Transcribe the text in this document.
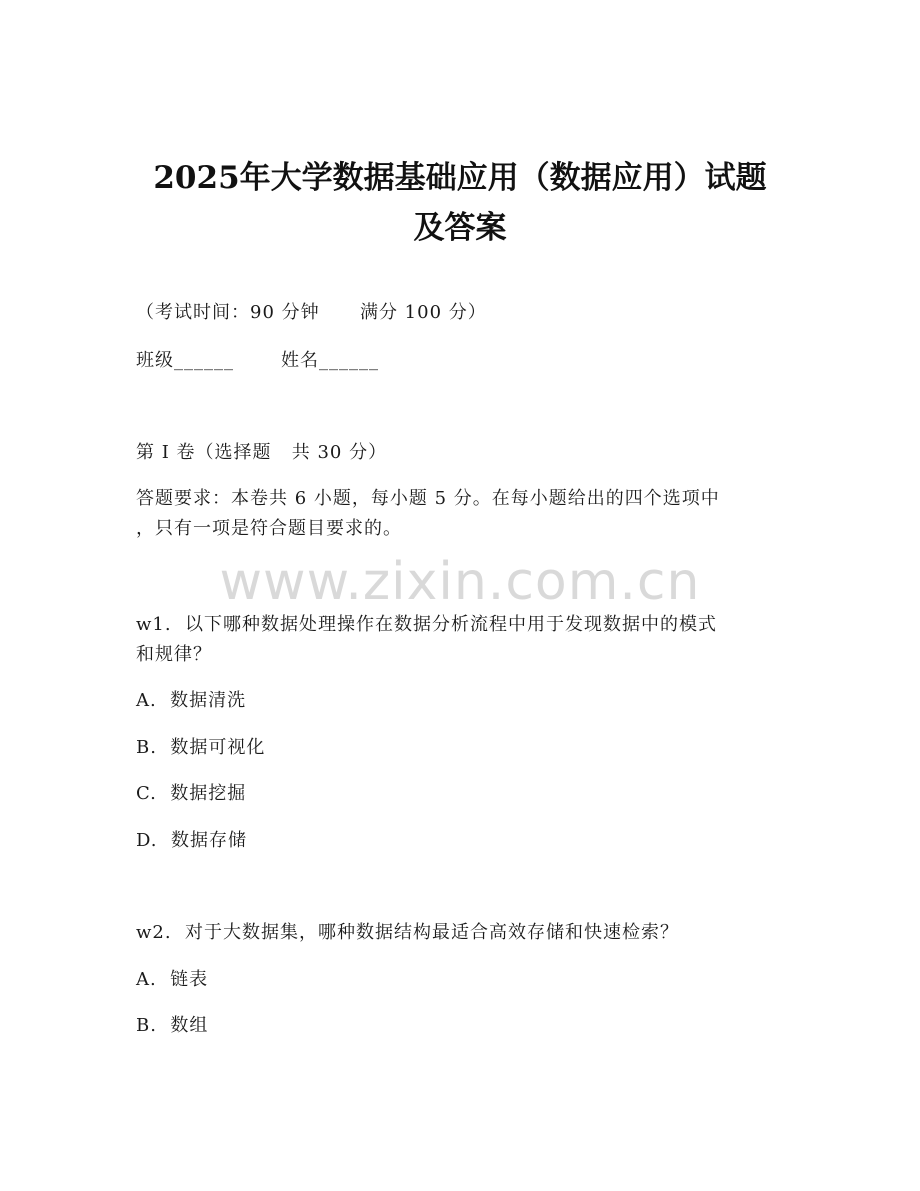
2025年大学数据基础应用（数据应用）试题
及答案
（考试时间：90 分钟      满分 100 分）
班级______       姓名______
第 I 卷（选择题   共 30 分）
答题要求：本卷共 6 小题，每小题 5 分。在每小题给出的四个选项中
，只有一项是符合题目要求的。
www.zixin.com.cn
w1.  以下哪种数据处理操作在数据分析流程中用于发现数据中的模式
和规律？
A.  数据清洗
B.  数据可视化
C.  数据挖掘
D.  数据存储
w2.  对于大数据集，哪种数据结构最适合高效存储和快速检索？
A.  链表
B.  数组
